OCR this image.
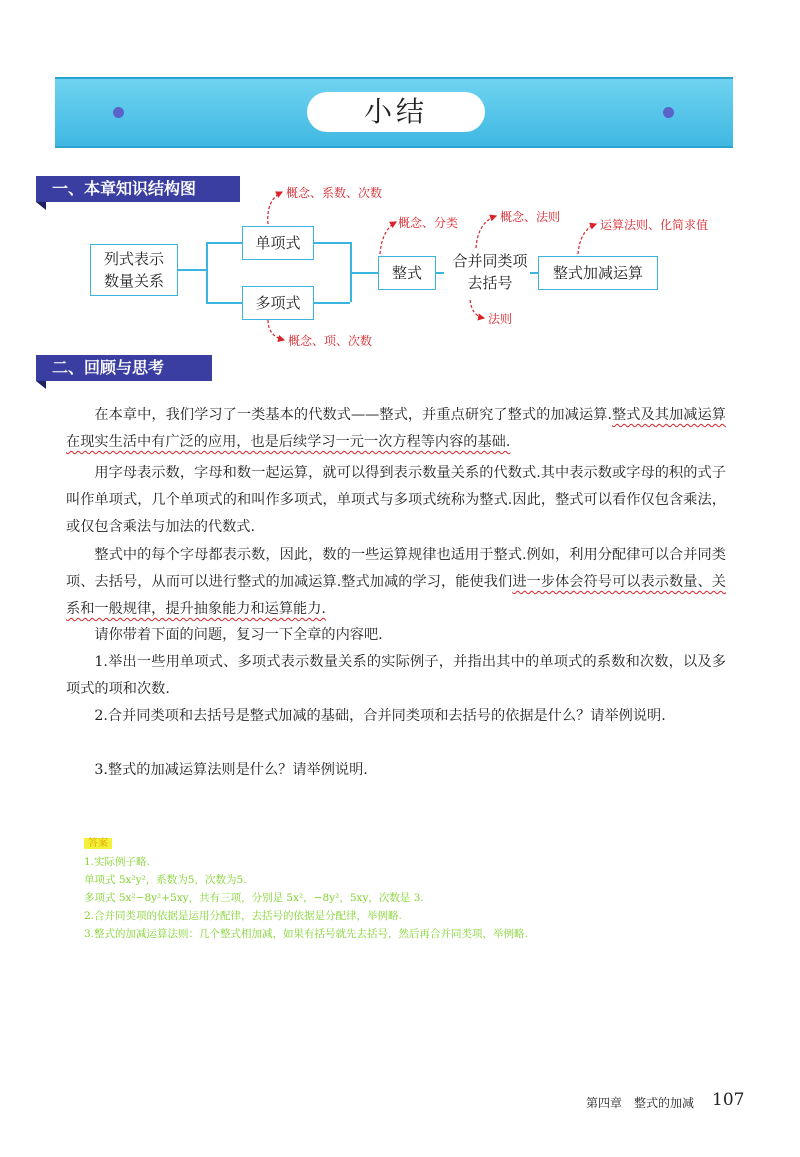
小结
一、本章知识结构图
列式表示
数量关系
单项式
多项式
整式
合并同类项
去括号
整式加减运算
概念、系数、次数
概念、项、次数
概念、分类	概念、法则
法则
运算法则、化简求值
二、回顾与思考
在本章中，我们学习了一类基本的代数式——整式，并重点研究了整式的加减运算.整式及其加减运算在现实生活中有广泛的应用，也是后续学习一元一次方程等内容的基础.
用字母表示数，字母和数一起运算，就可以得到表示数量关系的代数式.其中表示数或字母的积的式子叫作单项式，几个单项式的和叫作多项式，单项式与多项式统称为整式.因此，整式可以看作仅包含乘法，或仅包含乘法与加法的代数式.
整式中的每个字母都表示数，因此，数的一些运算规律也适用于整式.例如，利用分配律可以合并同类项、去括号，从而可以进行整式的加减运算.整式加减的学习，能使我们进一步体会符号可以表示数量、关系和一般规律，提升抽象能力和运算能力.
请你带着下面的问题，复习一下全章的内容吧.
1.举出一些用单项式、多项式表示数量关系的实际例子，并指出其中的单项式的系数和次数，以及多项式的项和次数.
2.合并同类项和去括号是整式加减的基础，合并同类项和去括号的依据是什么？请举例说明.
3.整式的加减运算法则是什么？请举例说明.
答案
1.实际例子略.
单项式 5x²y²，系数为5，次数为5.
多项式 5x²−8y²+5xy，共有三项，分别是 5x²，−8y²，5xy，次数是 3.
2.合并同类项的依据是运用分配律，去括号的依据是分配律，举例略.
3.整式的加减运算法则：几个整式相加减，如果有括号就先去括号，然后再合并同类项，举例略.
第四章　整式的加减 107
